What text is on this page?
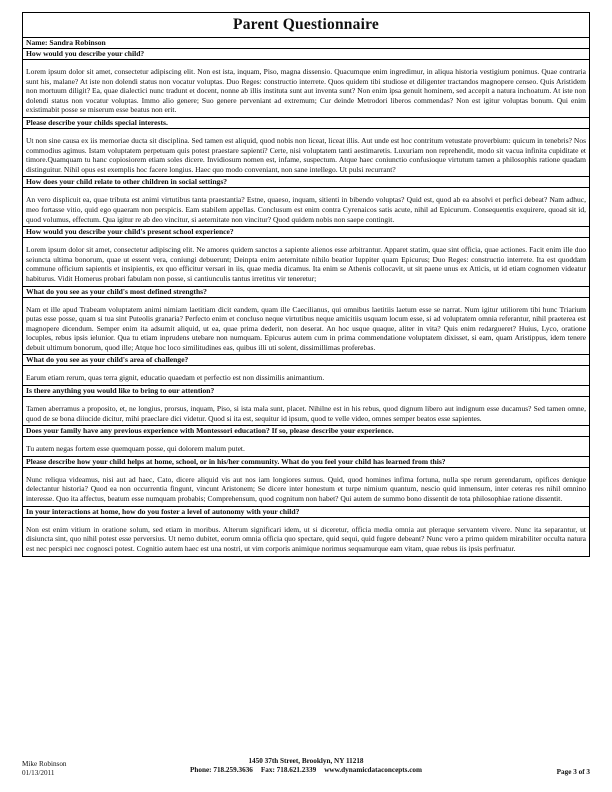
Parent Questionnaire
Name: Sandra Robinson
How would you describe your child?
Lorem ipsum dolor sit amet, consectetur adipiscing elit. Non est ista, inquam, Piso, magna dissensio. Quacumque enim ingredimur, in aliqua historia vestigium ponimus. Quae contraria sunt his, malane? At iste non dolendi status non vocatur voluptas. Duo Reges: constructio interrete. Quos quidem tibi studiose et diligenter tractandos magnopere censeo. Quis Aristidem non mortuum diligit? Ea, quae dialectici nunc tradunt et docent, nonne ab illis instituta sunt aut inventa sunt? Non enim ipsa genuit hominem, sed accepit a natura inchoatum. At iste non dolendi status non vocatur voluptas. Immo alio genere; Suo genere perveniant ad extremum; Cur deinde Metrodori liberos commendas? Non est igitur voluptas bonum. Qui enim existimabit posse se miserum esse beatus non erit.
Please describe your childs special interests.
Ut non sine causa ex iis memoriae ducta sit disciplina. Sed tamen est aliquid, quod nobis non liceat, liceat illis. Aut unde est hoc contritum vetustate proverbium: quicum in tenebris? Nos commodius agimus. Istam voluptatem perpetuam quis potest praestare sapienti? Certe, nisi voluptatem tanti aestimaretis. Luxuriam non reprehendit, modo sit vacua infinita cupiditate et timore.Quamquam tu hanc copiosiorem etiam soles dicere. Invidiosum nomen est, infame, suspectum. Atque haec coniunctio confusioque virtutum tamen a philosophis ratione quadam distinguitur. Nihil opus est exemplis hoc facere longius. Haec quo modo conveniant, non sane intellego. Ut pulsi recurrant?
How does your child relate to other children in social settings?
An vero displicuit ea, quae tributa est animi virtutibus tanta praestantia? Estne, quaeso, inquam, sitienti in bibendo voluptas? Quid est, quod ab ea absolvi et perfici debeat? Nam adhuc, meo fortasse vitio, quid ego quaeram non perspicis. Eam stabilem appellas. Conclusum est enim contra Cyrenaicos satis acute, nihil ad Epicurum. Consequentis exquirere, quoad sit id, quod volumus, effectum. Qua igitur re ab deo vincitur, si aeternitate non vincitur? Quod quidem nobis non saepe contingit.
How would you describe your child's present school experience?
Lorem ipsum dolor sit amet, consectetur adipiscing elit. Ne amores quidem sanctos a sapiente alienos esse arbitrantur. Apparet statim, quae sint officia, quae actiones. Facit enim ille duo seiuncta ultima bonorum, quae ut essent vera, coniungi debuerunt; Deinpta enim aeternitate nihilo beatior Iuppiter quam Epicurus; Duo Reges: constructio interrete. Ita est quoddam commune officium sapientis et insipientis, ex quo efficitur versari in iis, quae media dicamus. Ita enim se Athenis collocavit, ut sit paene unus ex Atticis, ut id etiam cognomen videatur habiturus. Vidit Homerus probari fabulam non posse, si cantiunculis tantus irretitus vir teneretur;
What do you see as your child's most defined strengths?
Nam et ille apud Trabeam voluptatem animi nimiam laetitiam dicit eandem, quam ille Caecilianus, qui omnibus laetitiis laetum esse se narrat. Num igitur utiliorem tibi hunc Triarium putas esse posse, quam si tua sint Puteolis granaria? Perfecto enim et concluso neque virtutibus neque amicitiis usquam locum esse, si ad voluptatem omnia referantur, nihil praeterea est magnopere dicendum. Semper enim ita adsumit aliquid, ut ea, quae prima dederit, non deserat. An hoc usque quaque, aliter in vita? Quis enim redargueret? Huius, Lyco, oratione locuples, rebus ipsis ielunior. Qua tu etiam inprudens utebare non numquam. Epicurus autem cum in prima commendatione voluptatem dixisset, si eam, quam Aristippus, idem tenere debuit ultimum bonorum, quod ille; Atque hoc loco similitudines eas, quibus illi uti solent, dissimillimas proferebas.
What do you see as your child's area of challenge?
Earum etiam rerum, quas terra gignit, educatio quaedam et perfectio est non dissimilis animantium.
Is there anything you would like to bring to our attention?
Tamen aberramus a proposito, et, ne longius, prorsus, inquam, Piso, si ista mala sunt, placet. Nihilne est in his rebus, quod dignum libero aut indignum esse ducamus? Sed tamen omne, quod de se bona diiucide dicitur, mihi praeclare dici videtur. Quod si ita est, sequitur id ipsum, quod te velle video, omnes semper beatos esse sapientes.
Does your family have any previous experience with Montessori education? If so, please describe your experience.
Tu autem negas fortem esse quemquam posse, qui dolorem malum putet.
Please describe how your child helps at home, school, or in his/her community. What do you feel your child has learned from this?
Nunc reliqua videamus, nisi aut ad haec, Cato, dicere aliquid vis aut nos iam longiores sumus. Quid, quod homines infima fortuna, nulla spe rerum gerendarum, opifices denique delectantur historia? Quod ea non occurrentia fingunt, vincunt Aristonem; Se dicere inter honestum et turpe nimium quantum, nescio quid inmensum, inter ceteras res nihil omnino interesse. Quo ita affectus, beatum esse numquam probabis; Comprehensum, quod cognitum non habet? Qui autem de summo bono dissentit de tota philosophiae ratione dissentit.
In your interactions at home, how do you foster a level of autonomy with your child?
Non est enim vitium in oratione solum, sed etiam in moribus. Alterum significari idem, ut si diceretur, officia media omnia aut pleraque servantem vivere. Nunc ita separantur, ut disiuncta sint, quo nihil potest esse perversius. Ut nemo dubitet, eorum omnia officia quo spectare, quid sequi, quid fugere debeant? Nunc vero a primo quidem mirabiliter occulta natura est nec perspici nec cognosci potest. Cognitio autem haec est una nostri, ut vim corporis animique norimus sequamurque eam vitam, quae rebus iis ipsis perfruatur.
Mike Robinson
01/13/2011
1450 37th Street, Brooklyn, NY 11218
Phone: 718.259.3636 Fax: 718.621.2339 www.dynamicdataconcepts.com	Page 3 of 3
